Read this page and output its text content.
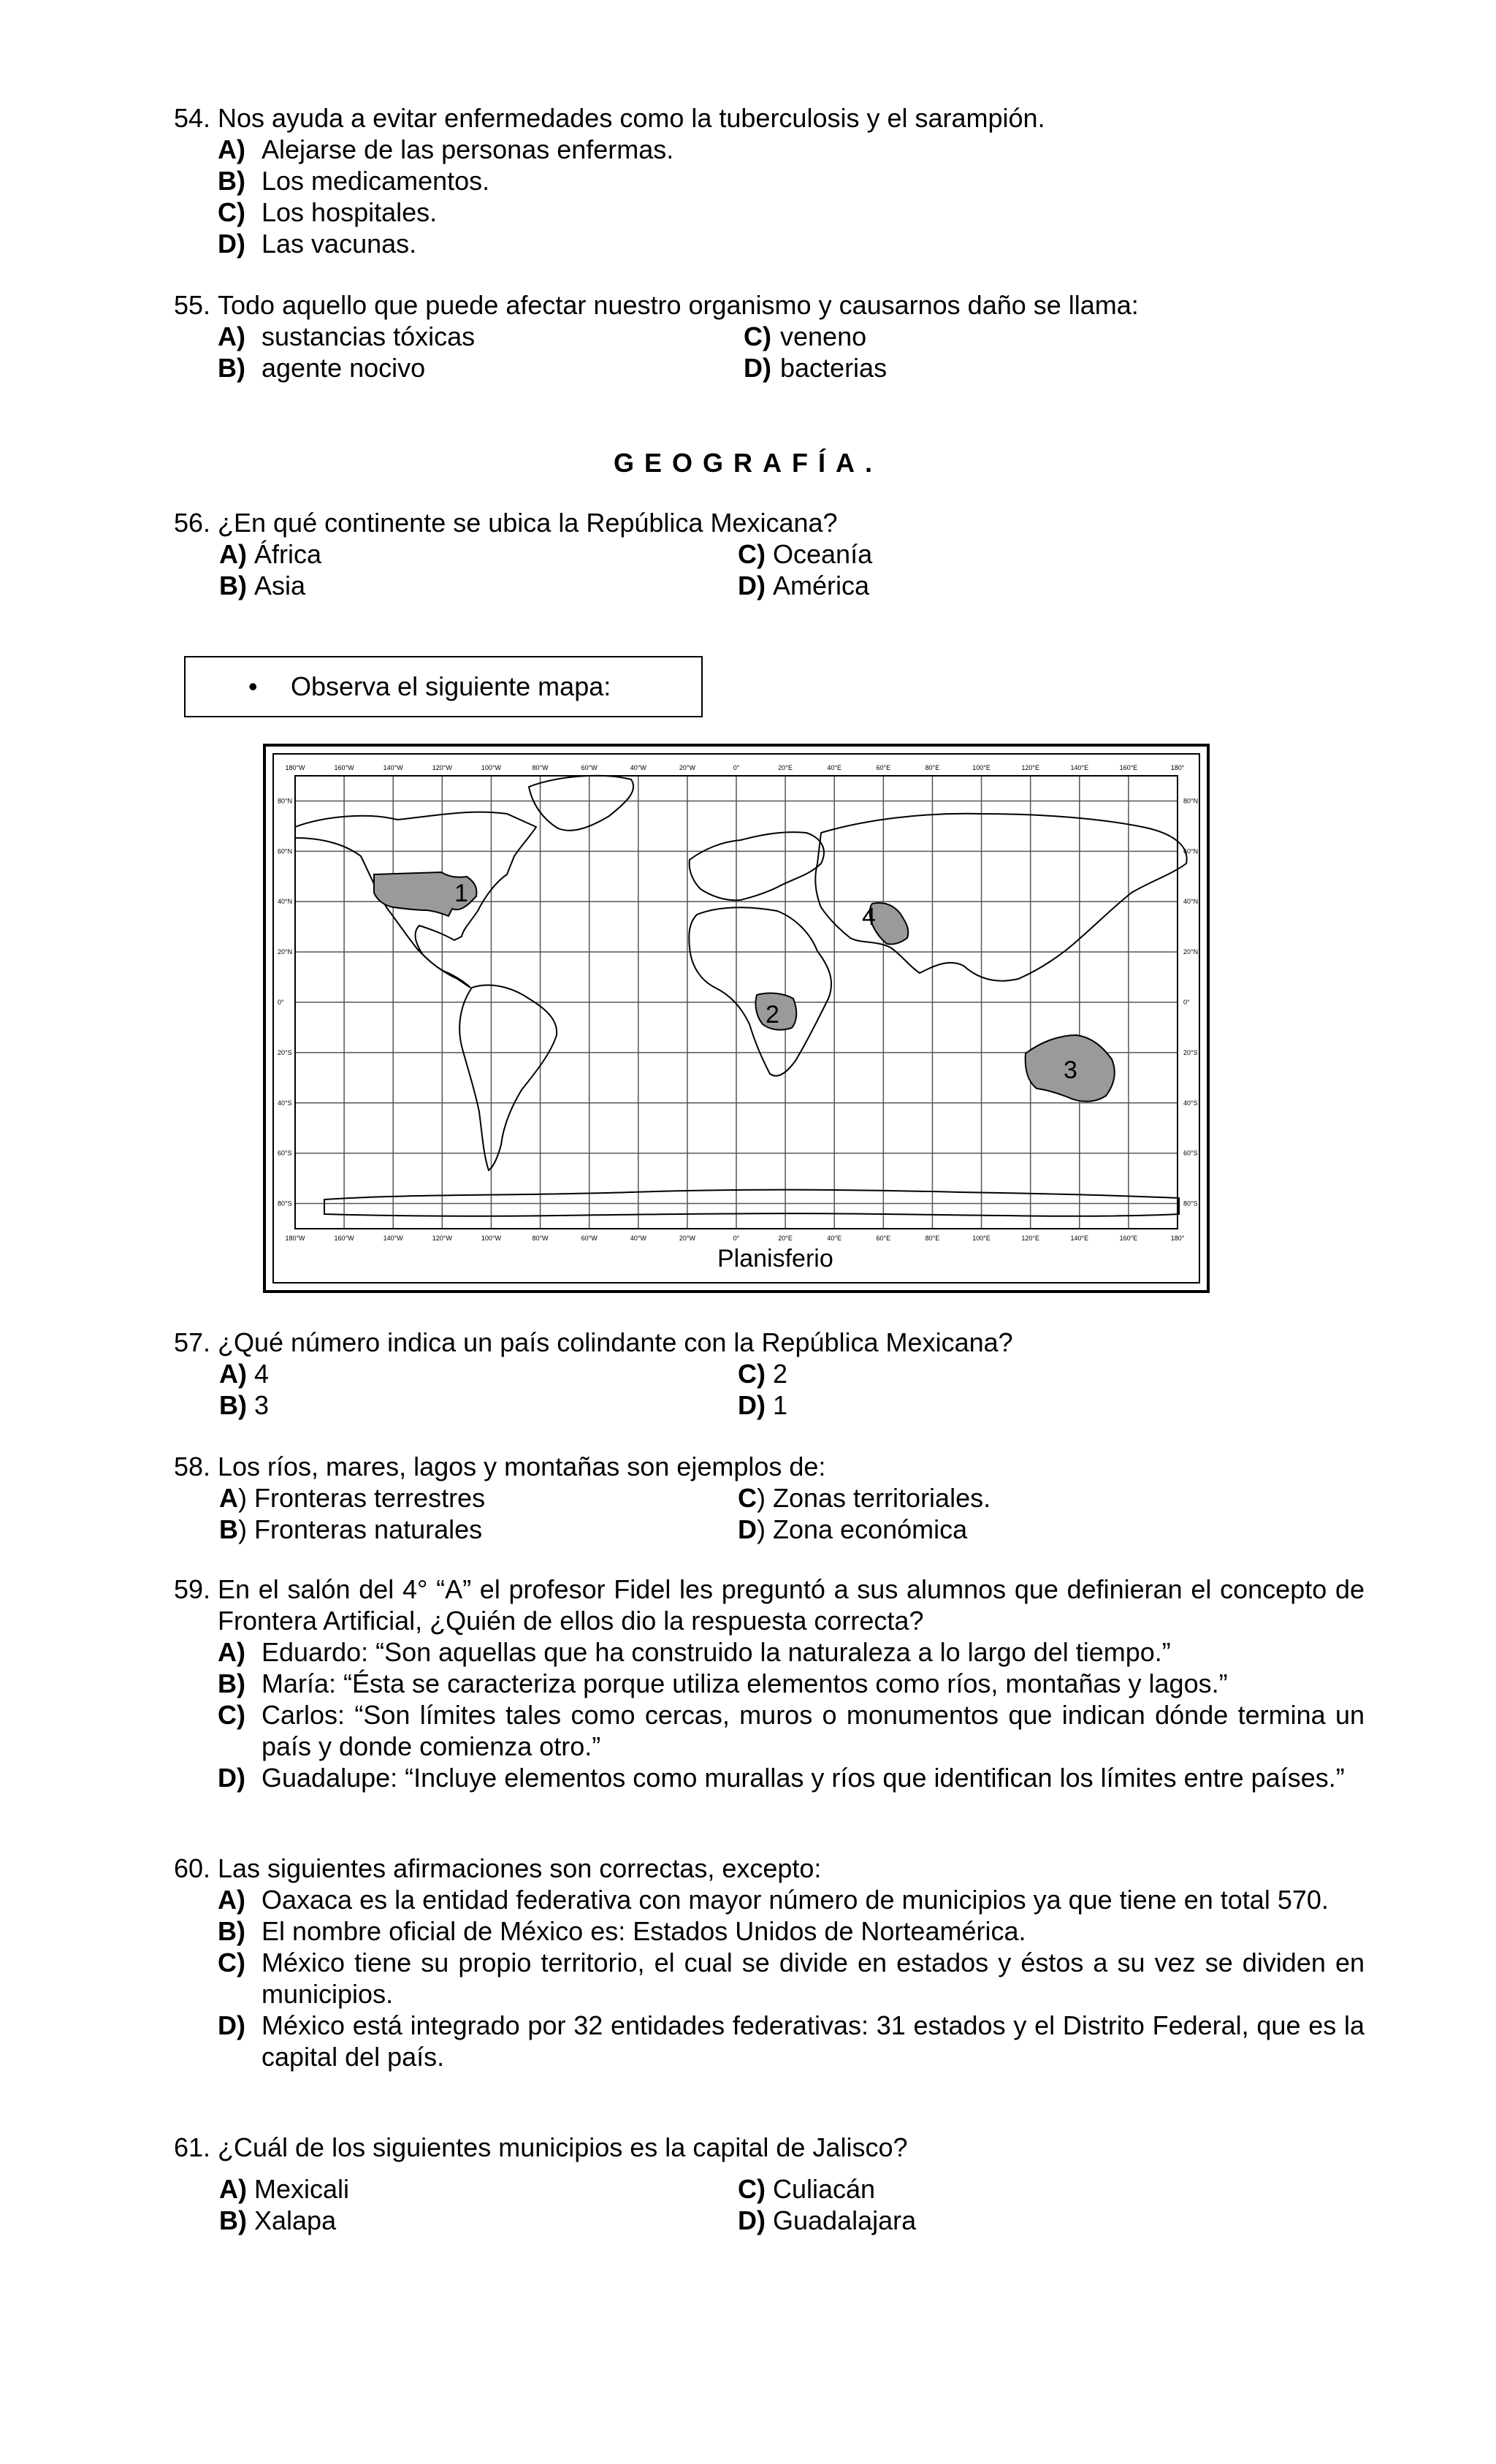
54. Nos ayuda a evitar enfermedades como la tuberculosis y el sarampión.
A) Alejarse de las personas enfermas.
B) Los medicamentos.
C) Los hospitales.
D) Las vacunas.
55. Todo aquello que puede afectar nuestro organismo y causarnos daño se llama:
A) sustancias tóxicas	C) veneno
B) agente nocivo	D) bacterias
GEOGRAFÍA.
56. ¿En qué continente se ubica la República Mexicana?
A) África	C) Oceanía
B) Asia	D) América
• Observa el siguiente mapa:
180°W
180°W
160°W
160°W
140°W
140°W
120°W
120°W
100°W
100°W
80°W
80°W
60°W
60°W
40°W
40°W
20°W
20°W
0°
0°
20°E
20°E
40°E
40°E
60°E
60°E
80°E
80°E
100°E
100°E
120°E
120°E
140°E
140°E
160°E
160°E
180°
180°
80°N	80°N
60°N	60°N
40°N	40°N
20°N	20°N
0°	0°
20°S	20°S
40°S	40°S
60°S	60°S
80°S	80°S
1
2
3
4
Planisferio
57. ¿Qué número indica un país colindante con la República Mexicana?
A) 4	C) 2
B) 3	D) 1
58. Los ríos, mares, lagos y montañas son ejemplos de:
A ) Fronteras terrestres	C ) Zonas territoriales.
B ) Fronteras naturales	D ) Zona económica
59. En el salón del 4° “A” el profesor Fidel les preguntó a sus alumnos que definieran el concepto de Frontera Artificial, ¿Quién de ellos dio la respuesta correcta?
A) Eduardo: “Son aquellas que ha construido la naturaleza a lo largo del tiempo.”
B) María: “Ésta se caracteriza porque utiliza elementos como ríos, montañas y lagos.”
C) Carlos: “Son límites tales como cercas, muros o monumentos que indican dónde termina un país y donde comienza otro.”
D) Guadalupe: “Incluye elementos como murallas y ríos que identifican los límites entre países.”
60. Las siguientes afirmaciones son correctas, excepto:
A) Oaxaca es la entidad federativa con mayor número de municipios ya que tiene en total 570.
B) El nombre oficial de México es: Estados Unidos de Norteamérica.
C) México tiene su propio territorio, el cual se divide en estados y éstos a su vez se dividen en municipios.
D) México está integrado por 32 entidades federativas: 31 estados y el Distrito Federal, que es la capital del país.
61. ¿Cuál de los siguientes municipios es la capital de Jalisco?
A) Mexicali	C) Culiacán
B) Xalapa	D) Guadalajara
